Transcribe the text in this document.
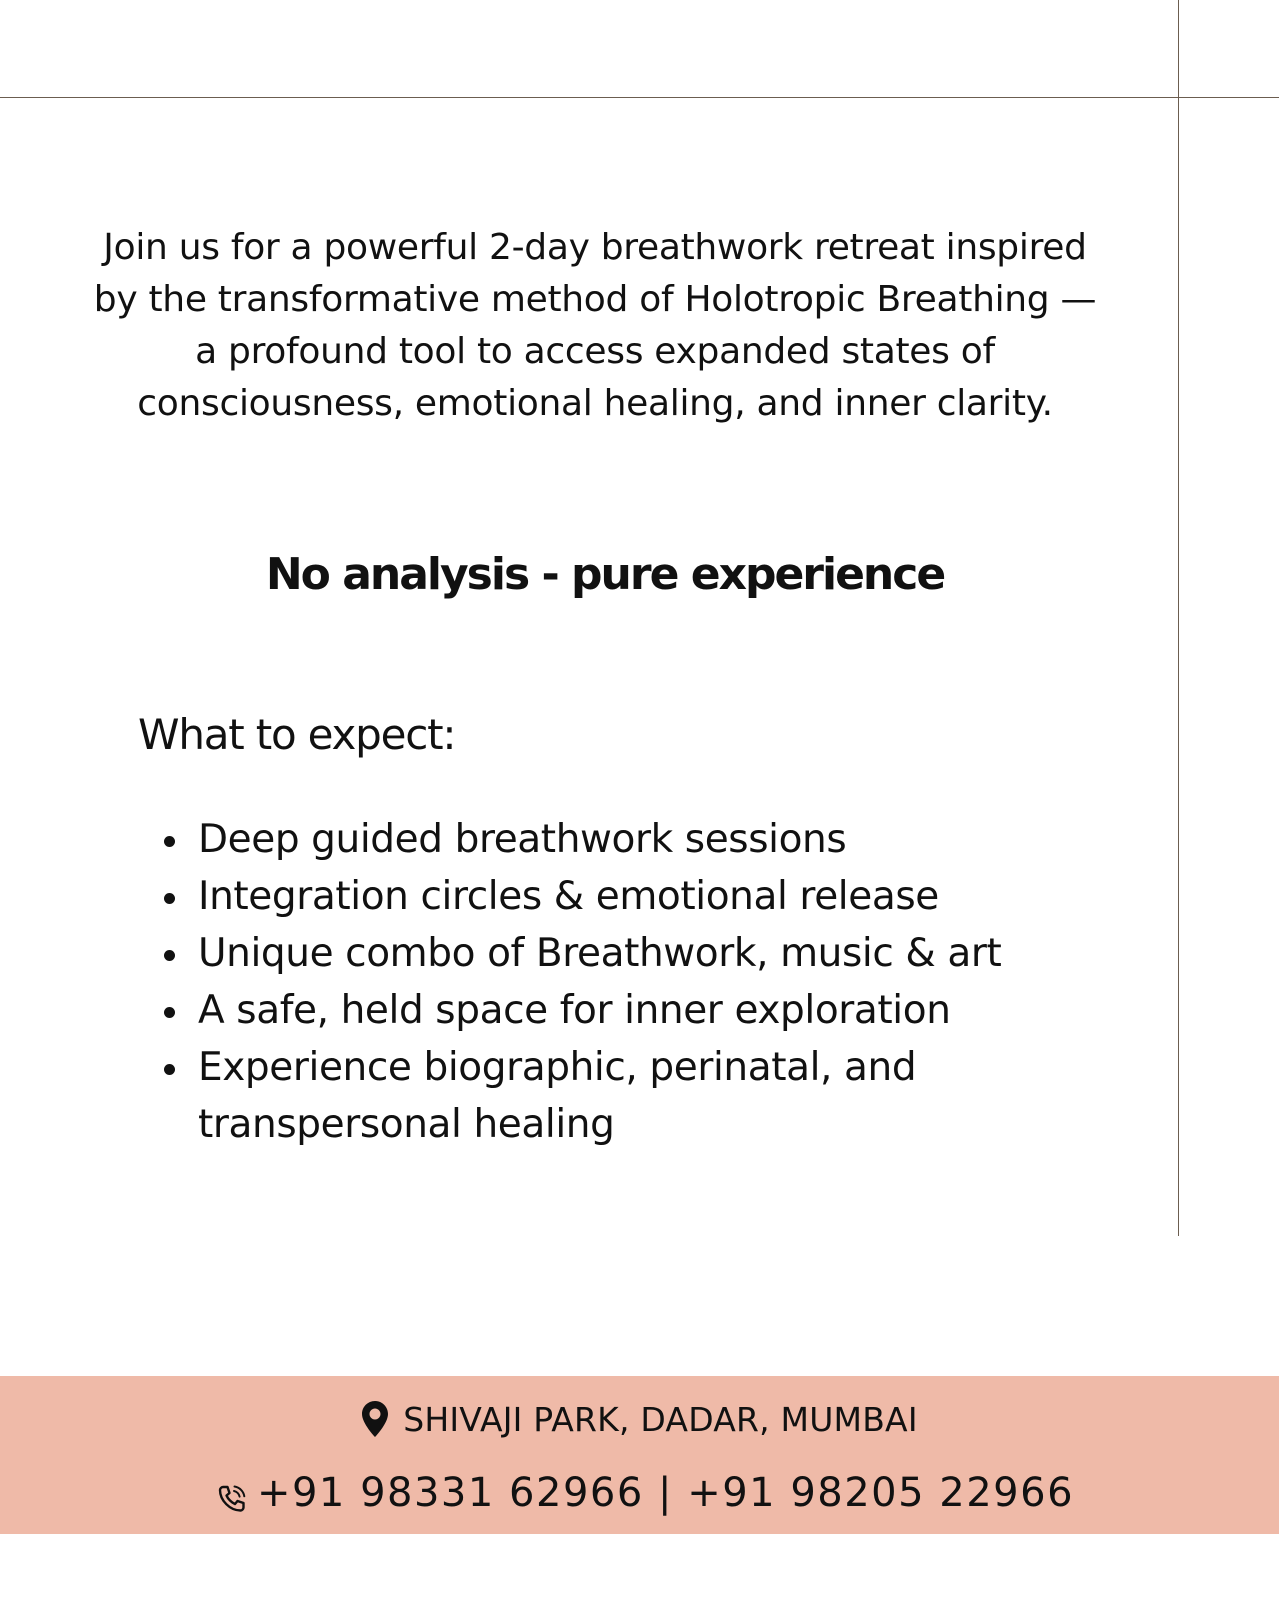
Join us for a powerful 2-day breathwork retreat inspired by the transformative method of Holotropic Breathing — a profound tool to access expanded states of consciousness, emotional healing, and inner clarity.

No analysis - pure experience
What to expect:
Deep guided breathwork sessions
Integration circles & emotional release
Unique combo of Breathwork, music & art
A safe, held space for inner exploration
Experience biographic, perinatal, and transpersonal healing
SHIVAJI PARK, DADAR, MUMBAI
+91 98331 62966 | +91 98205 22966
